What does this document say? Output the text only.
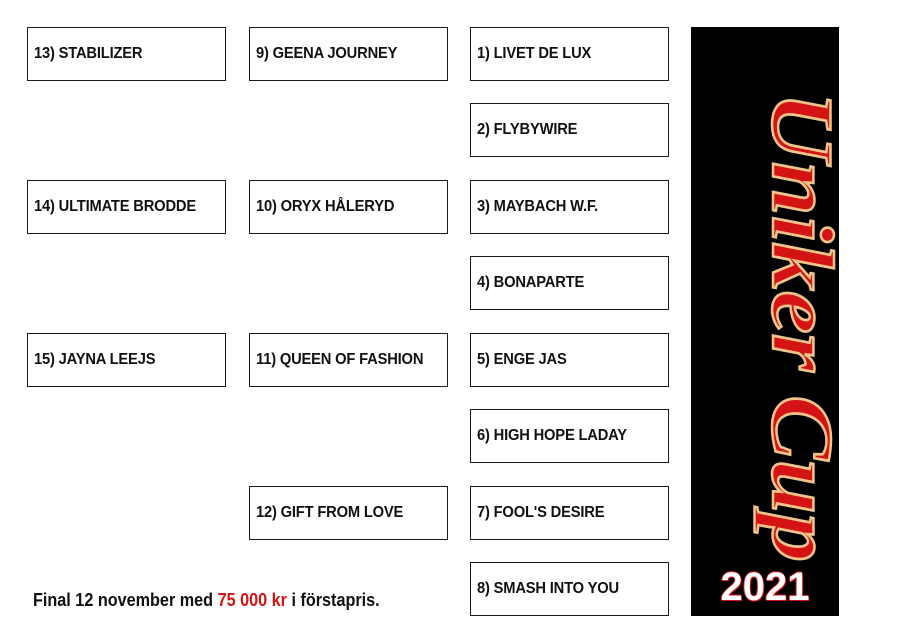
13) STABILIZER
14) ULTIMATE BRODDE
15) JAYNA LEEJS
9) GEENA JOURNEY
10) ORYX HÅLERYD
11) QUEEN OF FASHION
12) GIFT FROM LOVE
1) LIVET DE LUX
2) FLYBYWIRE
3) MAYBACH W.F.
4) BONAPARTE
5) ENGE JAS
6) HIGH HOPE LADAY
7) FOOL'S DESIRE
8) SMASH INTO YOU
Final 12 november med 75 000 kr i förstapris.
Uniker Cup
2021
